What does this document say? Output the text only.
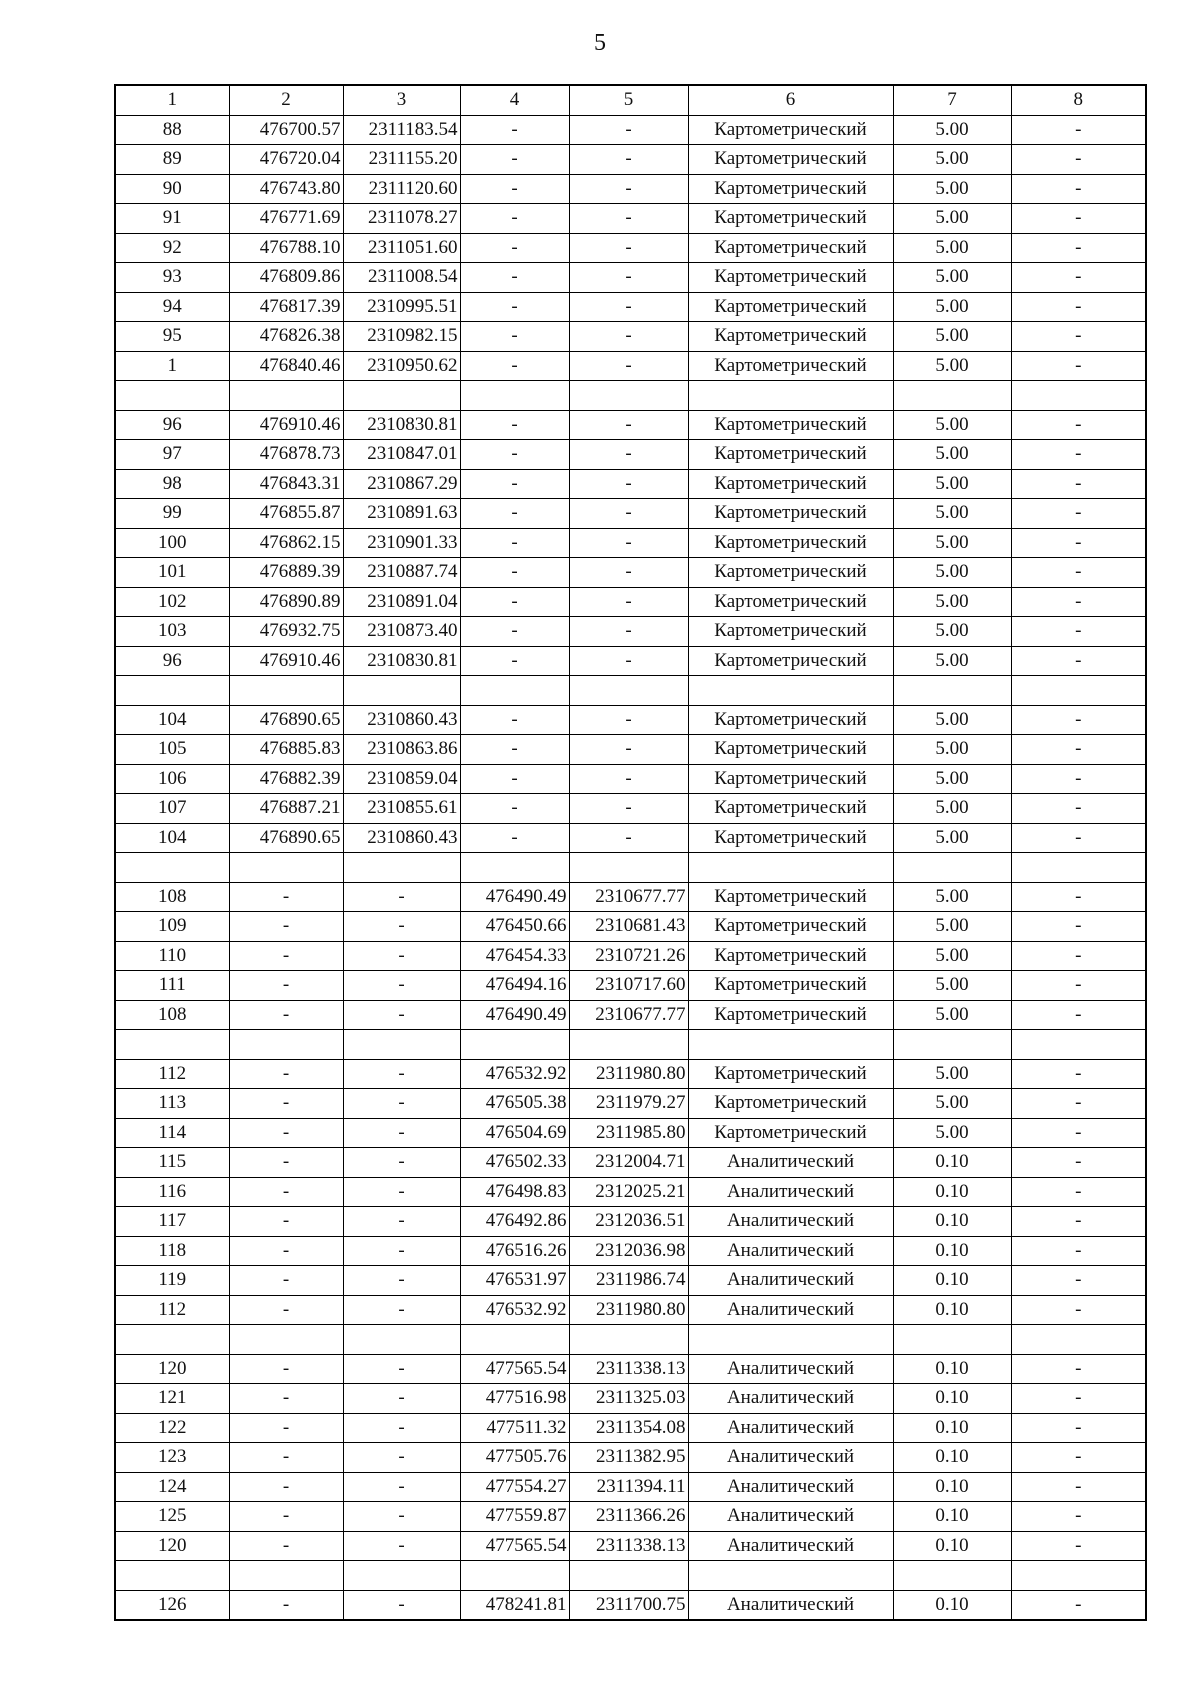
5
1	2	3	4	5	6	7	8
88	476700.57	2311183.54	-	-	Картометрический	5.00	-
89	476720.04	2311155.20	-	-	Картометрический	5.00	-
90	476743.80	2311120.60	-	-	Картометрический	5.00	-
91	476771.69	2311078.27	-	-	Картометрический	5.00	-
92	476788.10	2311051.60	-	-	Картометрический	5.00	-
93	476809.86	2311008.54	-	-	Картометрический	5.00	-
94	476817.39	2310995.51	-	-	Картометрический	5.00	-
95	476826.38	2310982.15	-	-	Картометрический	5.00	-
1	476840.46	2310950.62	-	-	Картометрический	5.00	-

96	476910.46	2310830.81	-	-	Картометрический	5.00	-
97	476878.73	2310847.01	-	-	Картометрический	5.00	-
98	476843.31	2310867.29	-	-	Картометрический	5.00	-
99	476855.87	2310891.63	-	-	Картометрический	5.00	-
100	476862.15	2310901.33	-	-	Картометрический	5.00	-
101	476889.39	2310887.74	-	-	Картометрический	5.00	-
102	476890.89	2310891.04	-	-	Картометрический	5.00	-
103	476932.75	2310873.40	-	-	Картометрический	5.00	-
96	476910.46	2310830.81	-	-	Картометрический	5.00	-

104	476890.65	2310860.43	-	-	Картометрический	5.00	-
105	476885.83	2310863.86	-	-	Картометрический	5.00	-
106	476882.39	2310859.04	-	-	Картометрический	5.00	-
107	476887.21	2310855.61	-	-	Картометрический	5.00	-
104	476890.65	2310860.43	-	-	Картометрический	5.00	-

108	-	-	476490.49	2310677.77	Картометрический	5.00	-
109	-	-	476450.66	2310681.43	Картометрический	5.00	-
110	-	-	476454.33	2310721.26	Картометрический	5.00	-
111	-	-	476494.16	2310717.60	Картометрический	5.00	-
108	-	-	476490.49	2310677.77	Картометрический	5.00	-

112	-	-	476532.92	2311980.80	Картометрический	5.00	-
113	-	-	476505.38	2311979.27	Картометрический	5.00	-
114	-	-	476504.69	2311985.80	Картометрический	5.00	-
115	-	-	476502.33	2312004.71	Аналитический	0.10	-
116	-	-	476498.83	2312025.21	Аналитический	0.10	-
117	-	-	476492.86	2312036.51	Аналитический	0.10	-
118	-	-	476516.26	2312036.98	Аналитический	0.10	-
119	-	-	476531.97	2311986.74	Аналитический	0.10	-
112	-	-	476532.92	2311980.80	Аналитический	0.10	-

120	-	-	477565.54	2311338.13	Аналитический	0.10	-
121	-	-	477516.98	2311325.03	Аналитический	0.10	-
122	-	-	477511.32	2311354.08	Аналитический	0.10	-
123	-	-	477505.76	2311382.95	Аналитический	0.10	-
124	-	-	477554.27	2311394.11	Аналитический	0.10	-
125	-	-	477559.87	2311366.26	Аналитический	0.10	-
120	-	-	477565.54	2311338.13	Аналитический	0.10	-

126	-	-	478241.81	2311700.75	Аналитический	0.10	-
